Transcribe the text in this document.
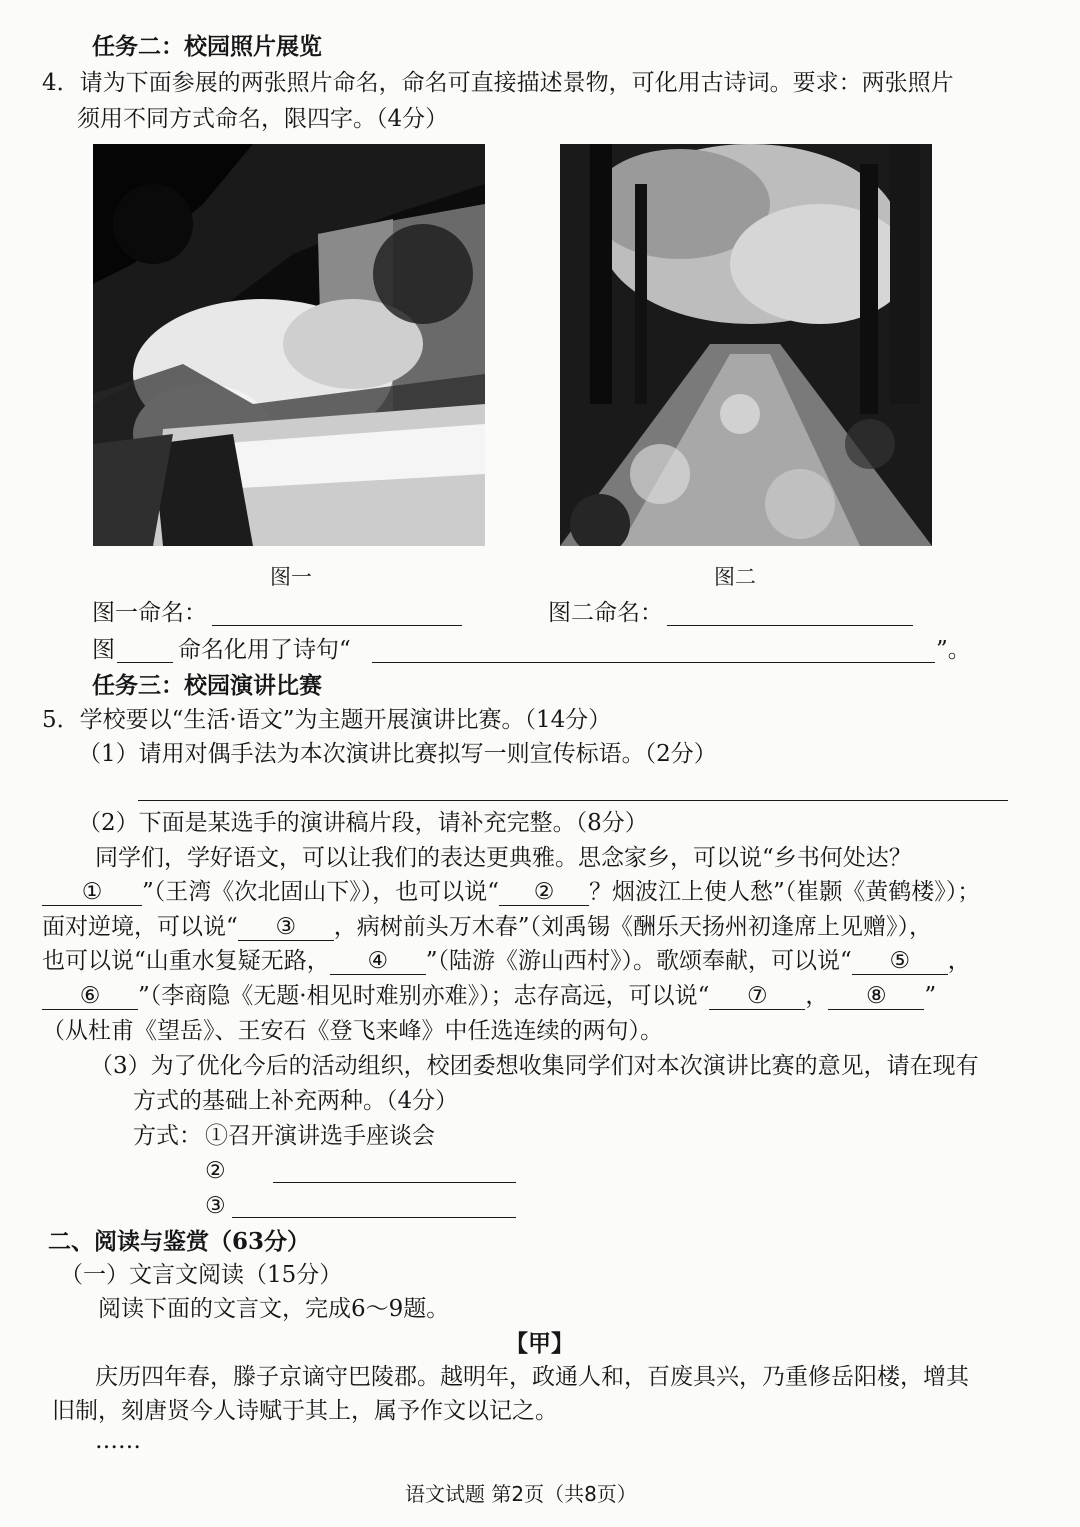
任务二：校园照片展览
4．请为下面参展的两张照片命名，命名可直接描述景物，可化用古诗词。要求：两张照片
须用不同方式命名，限四字。（4分）
图一	图二
图一命名：	图二命名：
图	命名化用了诗句“	”。
任务三：校园演讲比赛
5．学校要以“生活·语文”为主题开展演讲比赛。（14分）
（1）请用对偶手法为本次演讲比赛拟写一则宣传标语。（2分）
（2）下面是某选手的演讲稿片段，请补充完整。（8分）
同学们，学好语文，可以让我们的表达更典雅。思念家乡，可以说“乡书何处达？
① ”（王湾《次北固山下》），也可以说“ ② ？烟波江上使人愁”（崔颢《黄鹤楼》）；
面对逆境，可以说“ ③ ，病树前头万木春”（刘禹锡《酬乐天扬州初逢席上见赠》），
也可以说“山重水复疑无路， ④ ”（陆游《游山西村》）。歌颂奉献，可以说“ ⑤ ，
⑥ ”（李商隐《无题·相见时难别亦难》）；志存高远，可以说“ ⑦ ， ⑧ ”
（从杜甫《望岳》、王安石《登飞来峰》中任选连续的两句）。
（3）为了优化今后的活动组织，校团委想收集同学们对本次演讲比赛的意见，请在现有
方式的基础上补充两种。（4分）
方式： ①召开演讲选手座谈会
②
③
二、阅读与鉴赏（63分）
（一）文言文阅读（15分）
阅读下面的文言文，完成6～9题。
【甲】
庆历四年春，滕子京谪守巴陵郡。越明年，政通人和，百废具兴，乃重修岳阳楼，增其
旧制，刻唐贤今人诗赋于其上，属予作文以记之。
……
语文试题 第2页（共8页）
